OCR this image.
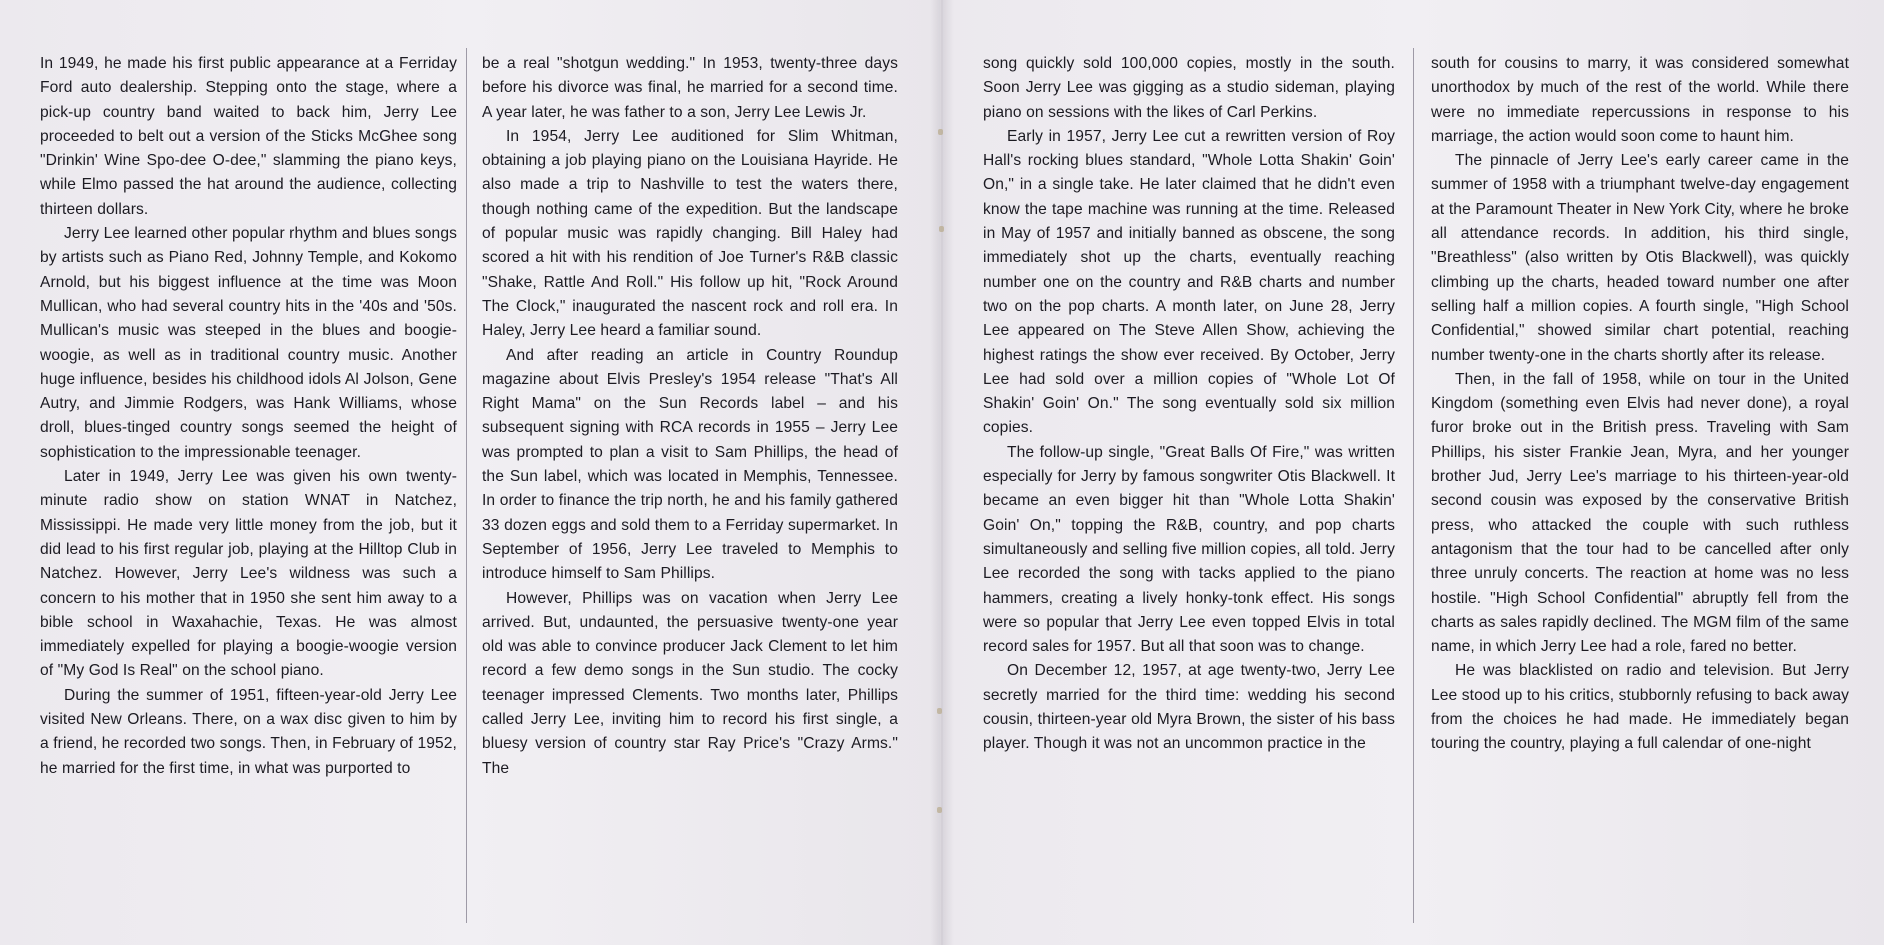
In 1949, he made his first public appearance at a Ferriday Ford auto dealership. Stepping onto the stage, where a pick-up country band waited to back him, Jerry Lee proceeded to belt out a version of the Sticks McGhee song "Drinkin' Wine Spo-dee O-dee," slamming the piano keys, while Elmo passed the hat around the audience, collecting thirteen dollars.

Jerry Lee learned other popular rhythm and blues songs by artists such as Piano Red, Johnny Temple, and Kokomo Arnold, but his biggest influence at the time was Moon Mullican, who had several country hits in the '40s and '50s. Mullican's music was steeped in the blues and boogie-woogie, as well as in traditional country music. Another huge influence, besides his childhood idols Al Jolson, Gene Autry, and Jimmie Rodgers, was Hank Williams, whose droll, blues-tinged country songs seemed the height of sophistication to the impressionable teenager.

Later in 1949, Jerry Lee was given his own twenty-minute radio show on station WNAT in Natchez, Mississippi. He made very little money from the job, but it did lead to his first regular job, playing at the Hilltop Club in Natchez. However, Jerry Lee's wildness was such a concern to his mother that in 1950 she sent him away to a bible school in Waxahachie, Texas. He was almost immediately expelled for playing a boogie-woogie version of "My God Is Real" on the school piano.

During the summer of 1951, fifteen-year-old Jerry Lee visited New Orleans. There, on a wax disc given to him by a friend, he recorded two songs. Then, in February of 1952, he married for the first time, in what was purported to

be a real "shotgun wedding." In 1953, twenty-three days before his divorce was final, he married for a second time. A year later, he was father to a son, Jerry Lee Lewis Jr.

In 1954, Jerry Lee auditioned for Slim Whitman, obtaining a job playing piano on the Louisiana Hayride. He also made a trip to Nashville to test the waters there, though nothing came of the expedition. But the landscape of popular music was rapidly changing. Bill Haley had scored a hit with his rendition of Joe Turner's R&B classic "Shake, Rattle And Roll." His follow up hit, "Rock Around The Clock," inaugurated the nascent rock and roll era. In Haley, Jerry Lee heard a familiar sound.

And after reading an article in Country Roundup magazine about Elvis Presley's 1954 release "That's All Right Mama" on the Sun Records label – and his subsequent signing with RCA records in 1955 – Jerry Lee was prompted to plan a visit to Sam Phillips, the head of the Sun label, which was located in Memphis, Tennessee. In order to finance the trip north, he and his family gathered 33 dozen eggs and sold them to a Ferriday supermarket. In September of 1956, Jerry Lee traveled to Memphis to introduce himself to Sam Phillips.

However, Phillips was on vacation when Jerry Lee arrived. But, undaunted, the persuasive twenty-one year old was able to convince producer Jack Clement to let him record a few demo songs in the Sun studio. The cocky teenager impressed Clements. Two months later, Phillips called Jerry Lee, inviting him to record his first single, a bluesy version of country star Ray Price's "Crazy Arms." The

song quickly sold 100,000 copies, mostly in the south. Soon Jerry Lee was gigging as a studio sideman, playing piano on sessions with the likes of Carl Perkins.

Early in 1957, Jerry Lee cut a rewritten version of Roy Hall's rocking blues standard, "Whole Lotta Shakin' Goin' On," in a single take. He later claimed that he didn't even know the tape machine was running at the time. Released in May of 1957 and initially banned as obscene, the song immediately shot up the charts, eventually reaching number one on the country and R&B charts and number two on the pop charts. A month later, on June 28, Jerry Lee appeared on The Steve Allen Show, achieving the highest ratings the show ever received. By October, Jerry Lee had sold over a million copies of "Whole Lot Of Shakin' Goin' On." The song eventually sold six million copies.

The follow-up single, "Great Balls Of Fire," was written especially for Jerry by famous songwriter Otis Blackwell. It became an even bigger hit than "Whole Lotta Shakin' Goin' On," topping the R&B, country, and pop charts simultaneously and selling five million copies, all told. Jerry Lee recorded the song with tacks applied to the piano hammers, creating a lively honky-tonk effect. His songs were so popular that Jerry Lee even topped Elvis in total record sales for 1957. But all that soon was to change.

On December 12, 1957, at age twenty-two, Jerry Lee secretly married for the third time: wedding his second cousin, thirteen-year old Myra Brown, the sister of his bass player. Though it was not an uncommon practice in the

south for cousins to marry, it was considered somewhat unorthodox by much of the rest of the world. While there were no immediate repercussions in response to his marriage, the action would soon come to haunt him.

The pinnacle of Jerry Lee's early career came in the summer of 1958 with a triumphant twelve-day engagement at the Paramount Theater in New York City, where he broke all attendance records. In addition, his third single, "Breathless" (also written by Otis Blackwell), was quickly climbing up the charts, headed toward number one after selling half a million copies. A fourth single, "High School Confidential," showed similar chart potential, reaching number twenty-one in the charts shortly after its release.

Then, in the fall of 1958, while on tour in the United Kingdom (something even Elvis had never done), a royal furor broke out in the British press. Traveling with Sam Phillips, his sister Frankie Jean, Myra, and her younger brother Jud, Jerry Lee's marriage to his thirteen-year-old second cousin was exposed by the conservative British press, who attacked the couple with such ruthless antagonism that the tour had to be cancelled after only three unruly concerts. The reaction at home was no less hostile. "High School Confidential" abruptly fell from the charts as sales rapidly declined. The MGM film of the same name, in which Jerry Lee had a role, fared no better.

He was blacklisted on radio and television. But Jerry Lee stood up to his critics, stubbornly refusing to back away from the choices he had made. He immediately began touring the country, playing a full calendar of one-night
